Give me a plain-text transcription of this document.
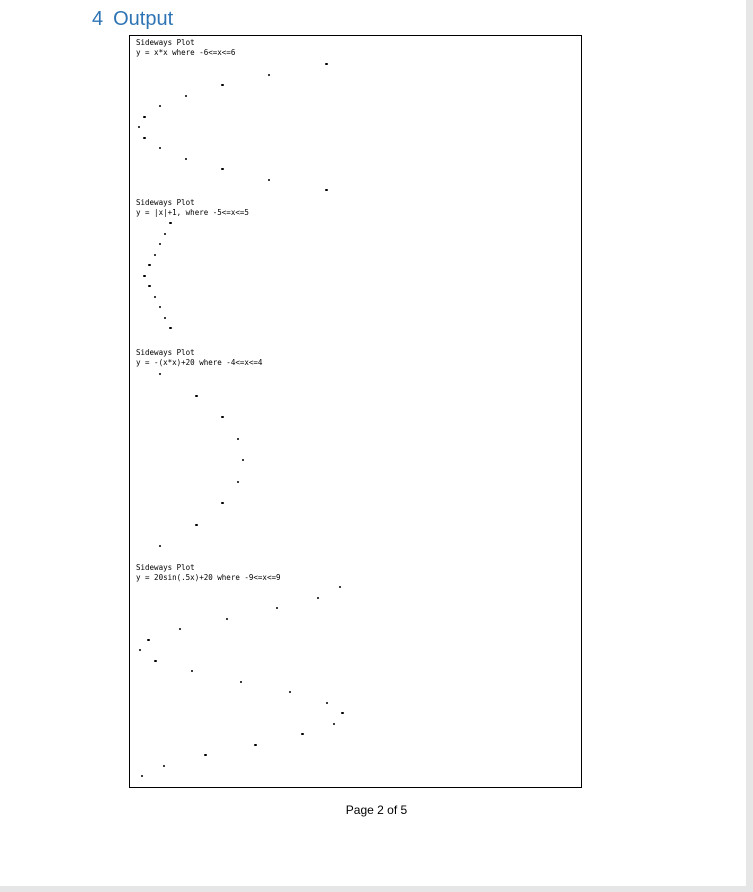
4 Output
Sideways Plot
y = x*x where -6<=x<=6
Sideways Plot
y = |x|+1, where -5<=x<=5
Sideways Plot
y = -(x*x)+20 where -4<=x<=4
Sideways Plot
y = 20sin(.5x)+20 where -9<=x<=9
Page 2 of 5
